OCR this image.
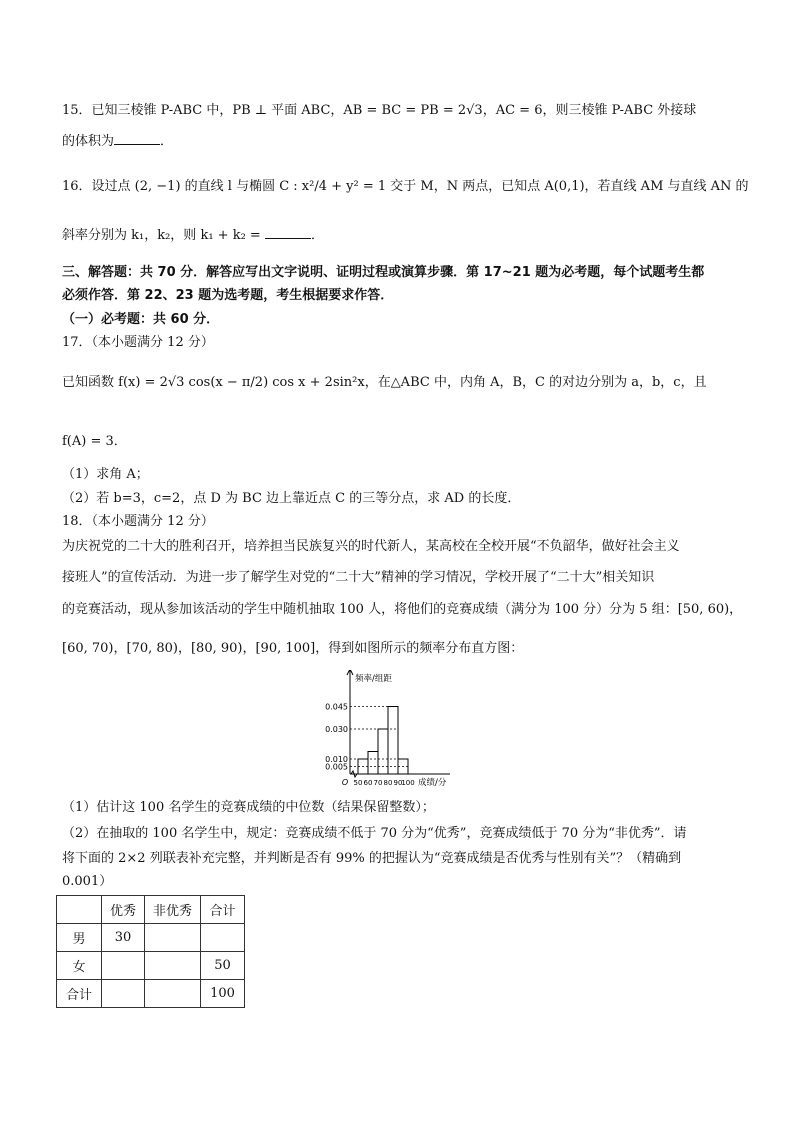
15．已知三棱锥 P-ABC 中，PB ⊥ 平面 ABC，AB = BC = PB = 2√3，AC = 6，则三棱锥 P-ABC 外接球
的体积为	．
16．设过点 (2, −1) 的直线 l 与椭圆 C : x²/4 + y² = 1 交于 M，N 两点，已知点 A(0,1)，若直线 AM 与直线 AN 的
斜率分别为 k₁，k₂，则 k₁ + k₂ =	．
三、解答题：共 70 分．解答应写出文字说明、证明过程或演算步骤．第 17~21 题为必考题，每个试题考生都
必须作答．第 22、23 题为选考题，考生根据要求作答．
（一）必考题：共 60 分．
17．（本小题满分 12 分）
已知函数 f(x) = 2√3 cos(x − π/2) cos x + 2sin²x，在△ABC 中，内角 A，B，C 的对边分别为 a，b，c，且
f(A) = 3．
（1）求角 A；
（2）若 b=3，c=2，点 D 为 BC 边上靠近点 C 的三等分点，求 AD 的长度．
18．（本小题满分 12 分）
为庆祝党的二十大的胜利召开，培养担当民族复兴的时代新人，某高校在全校开展“不负韶华，做好社会主义
接班人”的宣传活动．为进一步了解学生对党的“二十大”精神的学习情况，学校开展了“二十大”相关知识
的竞赛活动，现从参加该活动的学生中随机抽取 100 人，将他们的竞赛成绩（满分为 100 分）分为 5 组：[50, 60)，
[60, 70)，[70, 80)，[80, 90)，[90, 100]，得到如图所示的频率分布直方图：
0.045
0.030
0.010
0.005
50 60 70 80 90
100
O
频率/组距
成绩/分
（1）估计这 100 名学生的竞赛成绩的中位数（结果保留整数）；
（2）在抽取的 100 名学生中，规定：竞赛成绩不低于 70 分为“优秀”，竞赛成绩低于 70 分为“非优秀”．请
将下面的 2×2 列联表补充完整，并判断是否有 99% 的把握认为“竞赛成绩是否优秀与性别有关”？（精确到
0.001）
	优秀	非优秀	合计
男	30		
女			50
合计			100
